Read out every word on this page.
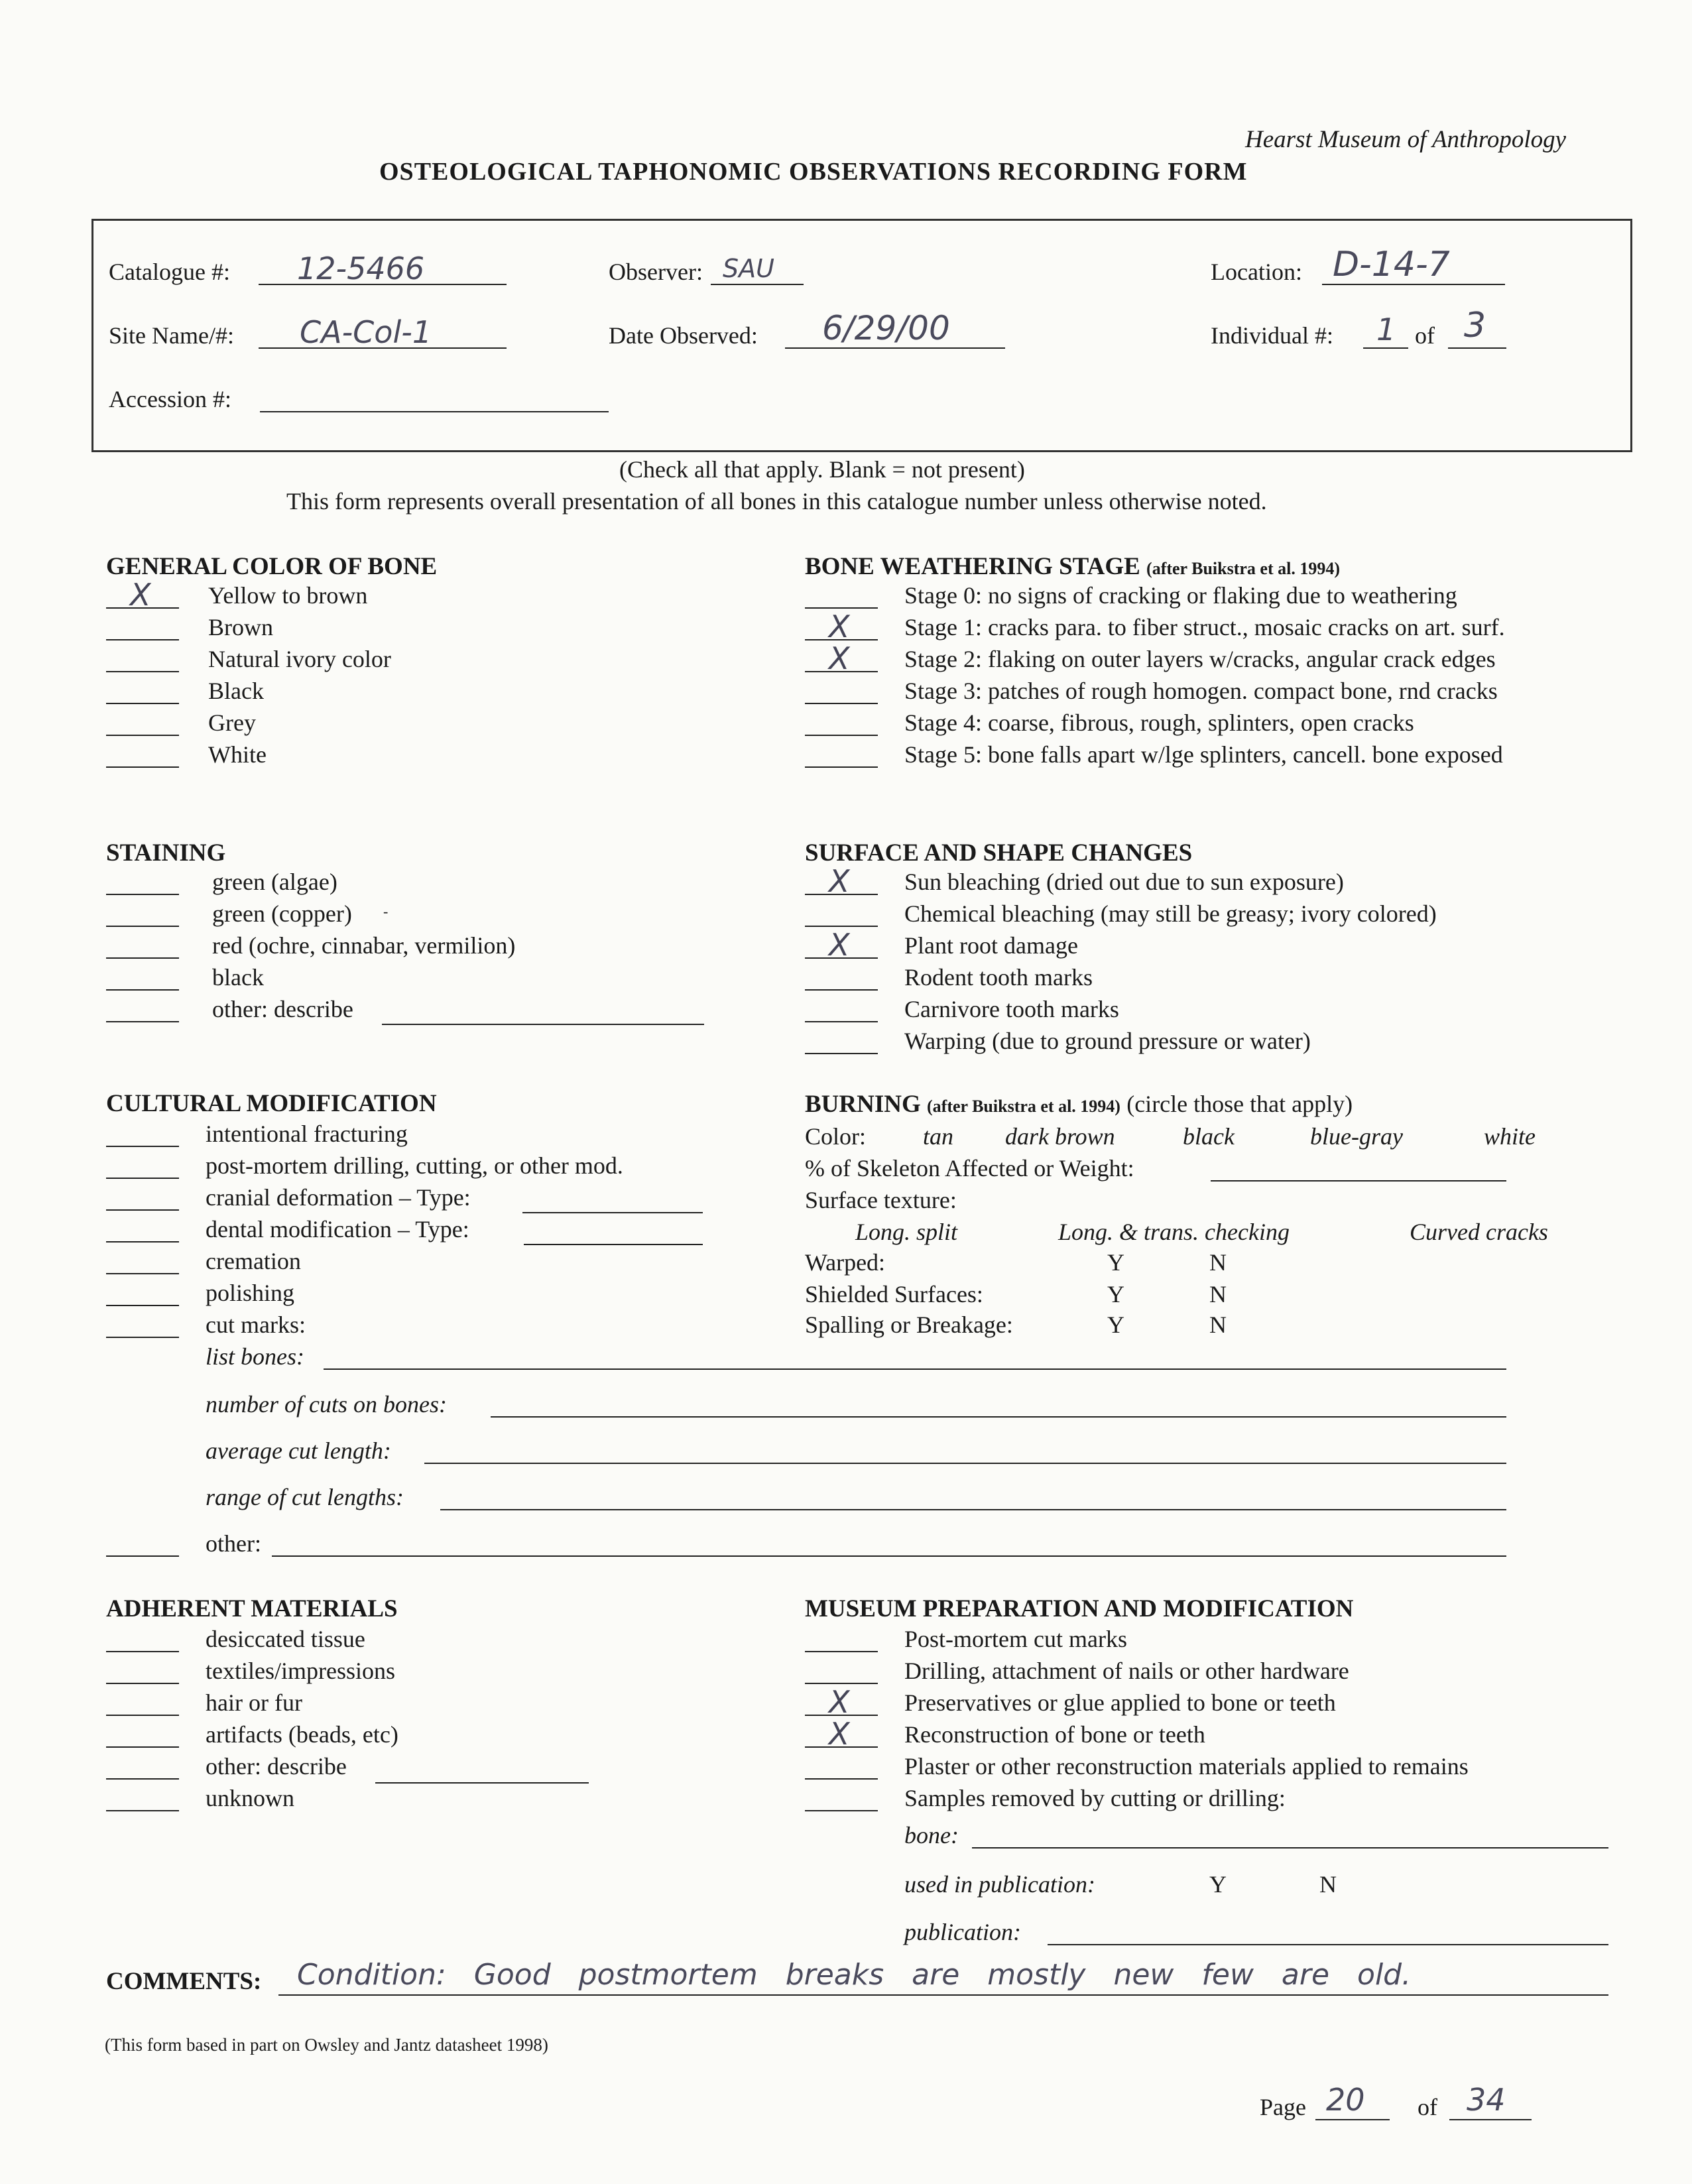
Hearst Museum of Anthropology
OSTEOLOGICAL TAPHONOMIC OBSERVATIONS RECORDING FORM
Catalogue #: 12-5466	Observer: SAU	Location: D-14-7
Site Name/#: CA-Col-1	Date Observed: 6/29/00	Individual #: 1 of 3
Accession #:
(Check all that apply. Blank = not present)
This form represents overall presentation of all bones in this catalogue number unless otherwise noted.
GENERAL COLOR OF BONE
X Yellow to brown
Brown
Natural ivory color
Black
Grey
White
BONE WEATHERING STAGE (after Buikstra et al. 1994)
Stage 0: no signs of cracking or flaking due to weathering
X Stage 1: cracks para. to fiber struct., mosaic cracks on art. surf.
X Stage 2: flaking on outer layers w/cracks, angular crack edges
Stage 3: patches of rough homogen. compact bone, rnd cracks
Stage 4: coarse, fibrous, rough, splinters, open cracks
Stage 5: bone falls apart w/lge splinters, cancell. bone exposed
STAINING
green (algae)
green (copper)
red (ochre, cinnabar, vermilion)
black
other: describe
-
SURFACE AND SHAPE CHANGES
X Sun bleaching (dried out due to sun exposure)
Chemical bleaching (may still be greasy; ivory colored)
X Plant root damage
Rodent tooth marks
Carnivore tooth marks
Warping (due to ground pressure or water)
CULTURAL MODIFICATION
intentional fracturing
post-mortem drilling, cutting, or other mod.
cranial deformation – Type:
dental modification – Type:
cremation
polishing
cut marks:
list bones:
number of cuts on bones:
average cut length:
range of cut lengths:
other:
BURNING (after Buikstra et al. 1994) (circle those that apply)
Color: tan dark brown	black	blue-gray	white
% of Skeleton Affected or Weight:
Surface texture:
Long. split	Long. & trans. checking	Curved cracks
Warped:	Y	N
Shielded Surfaces:	Y	N
Spalling or Breakage:	Y	N
ADHERENT MATERIALS
desiccated tissue
textiles/impressions
hair or fur
artifacts (beads, etc)
other: describe
unknown
MUSEUM PREPARATION AND MODIFICATION
Post-mortem cut marks
Drilling, attachment of nails or other hardware
X Preservatives or glue applied to bone or teeth
X Reconstruction of bone or teeth
Plaster or other reconstruction materials applied to remains
Samples removed by cutting or drilling:
bone:
used in publication:	Y	N
publication:
COMMENTS: Condition: Good postmortem breaks are mostly new few are old.
(This form based in part on Owsley and Jantz datasheet 1998)
Page 20 of 34
